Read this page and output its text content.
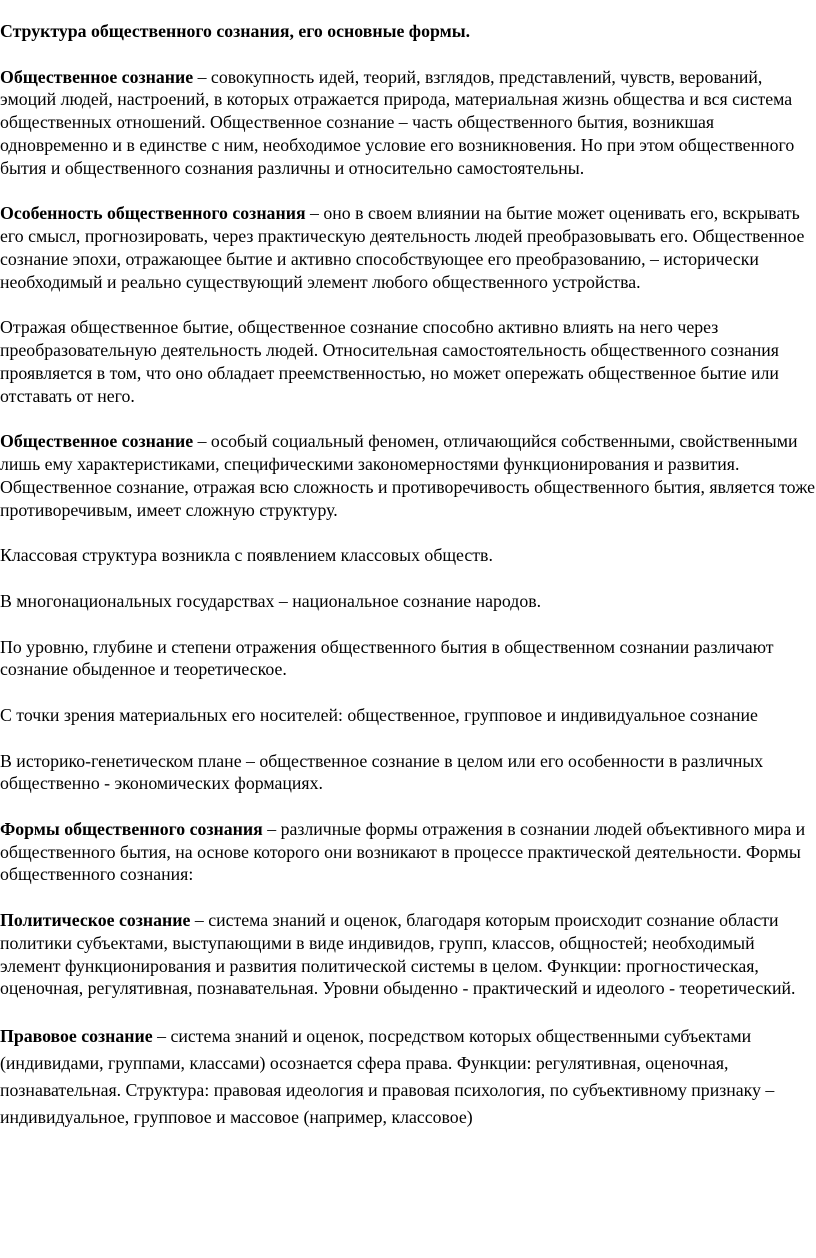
Структура общественного сознания, его основные формы.

Общественное сознание – совокупность идей, теорий, взглядов, представлений, чувств, верований, эмоций людей, настроений, в которых отражается природа, материальная жизнь общества и вся система общественных отношений. Общественное сознание – часть общественного бытия, возникшая одновременно и в единстве с ним, необходимое условие его возникновения. Но при этом общественного бытия и общественного сознания различны и относительно самостоятельны.

Особенность общественного сознания – оно в своем влиянии на бытие может оценивать его, вскрывать его смысл, прогнозировать, через практическую деятельность людей преобразовывать его. Общественное сознание эпохи, отражающее бытие и активно способствующее его преобразованию, – исторически необходимый и реально существующий элемент любого общественного устройства.

Отражая общественное бытие, общественное сознание способно активно влиять на него через преобразовательную деятельность людей. Относительная самостоятельность общественного сознания проявляется в том, что оно обладает преемственностью, но может опережать общественное бытие или отставать от него.

Общественное сознание – особый социальный феномен, отличающийся собственными, свойственными лишь ему характеристиками, специфическими закономерностями функционирования и развития. Общественное сознание, отражая всю сложность и противоречивость общественного бытия, является тоже противоречивым, имеет сложную структуру.

Классовая структура возникла с появлением классовых обществ.

В многонациональных государствах – национальное сознание народов.

По уровню, глубине и степени отражения общественного бытия в общественном сознании различают сознание обыденное и теоретическое.

С точки зрения материальных его носителей: общественное, групповое и индивидуальное сознание

В историко-генетическом плане – общественное сознание в целом или его особенности в различных общественно - экономических формациях.

Формы общественного сознания – различные формы отражения в сознании людей объективного мира и общественного бытия, на основе которого они возникают в процессе практической деятельности. Формы общественного сознания:

Политическое сознание – система знаний и оценок, благодаря которым происходит сознание области политики субъектами, выступающими в виде индивидов, групп, классов, общностей; необходимый элемент функционирования и развития политической системы в целом. Функции: прогностическая, оценочная, регулятивная, познавательная. Уровни обыденно - практический и идеолого - теоретический.

Правовое сознание – система знаний и оценок, посредством которых общественными субъектами (индивидами, группами, классами) осознается сфера права. Функции: регулятивная, оценочная, познавательная. Структура: правовая идеология и правовая психология, по субъективному признаку – индивидуальное, групповое и массовое (например, классовое)
